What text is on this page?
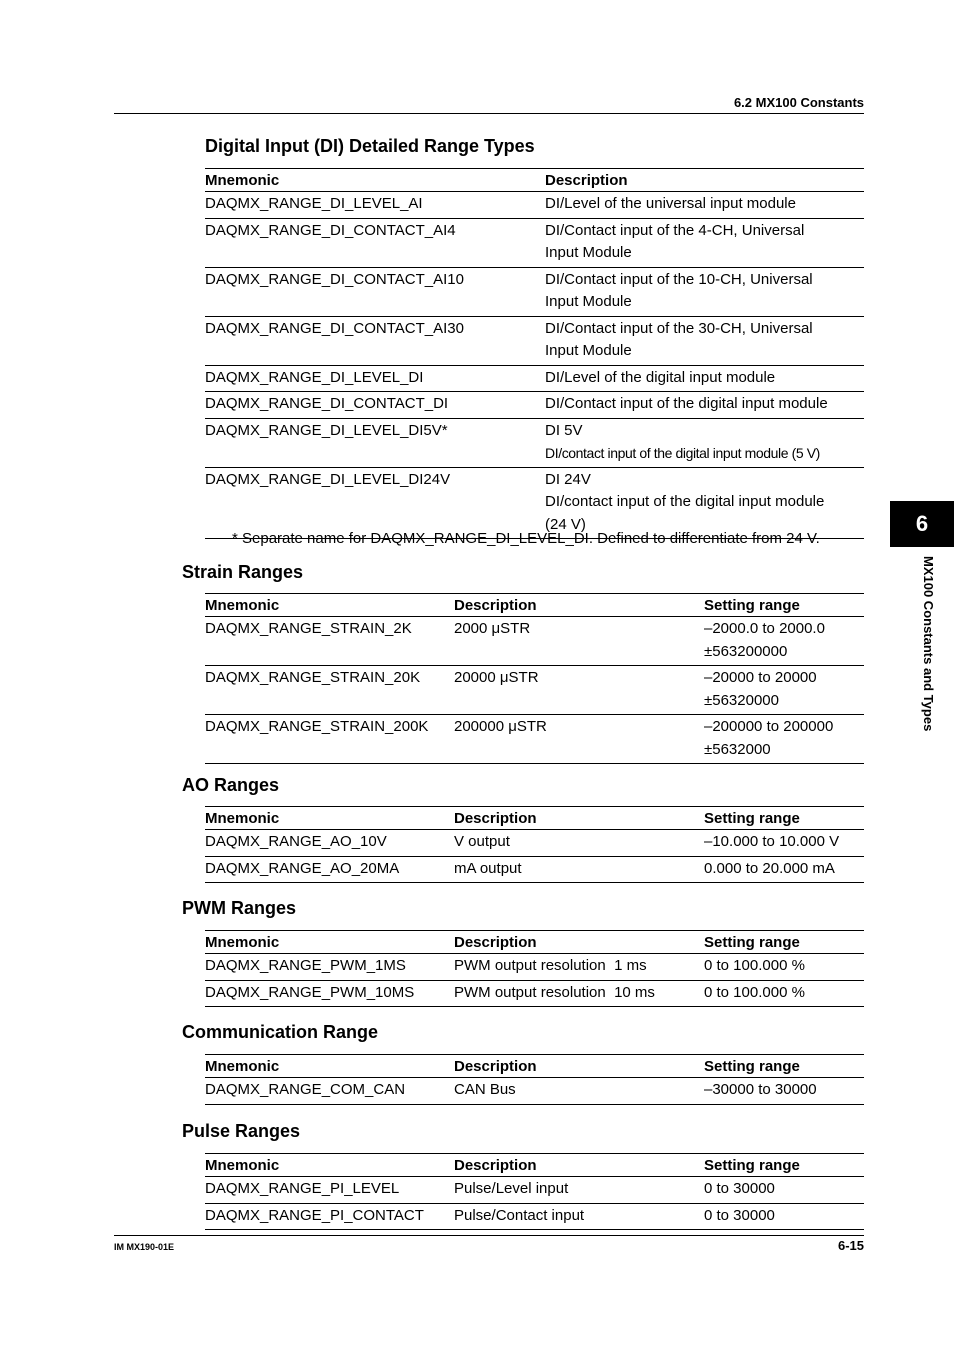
6.2 MX100 Constants
6
MX100 Constants and Types
Digital Input (DI) Detailed Range Types
Mnemonic	Description
DAQMX_RANGE_DI_LEVEL_AI	DI/Level of the universal input module
DAQMX_RANGE_DI_CONTACT_AI4	DI/Contact input of the 4-CH, Universal
Input Module

DAQMX_RANGE_DI_CONTACT_AI10	DI/Contact input of the 10-CH, Universal
Input Module

DAQMX_RANGE_DI_CONTACT_AI30	DI/Contact input of the 30-CH, Universal
Input Module

DAQMX_RANGE_DI_LEVEL_DI	DI/Level of the digital input module
DAQMX_RANGE_DI_CONTACT_DI	DI/Contact input of the digital input module
DAQMX_RANGE_DI_LEVEL_DI5V*	DI 5V
DI/contact input of the digital input module (5 V)

DAQMX_RANGE_DI_LEVEL_DI24V	DI 24V
DI/contact input of the digital input module
(24 V)
* Separate name for DAQMX_RANGE_DI_LEVEL_DI. Defined to differentiate from 24 V.
Strain Ranges
Mnemonic	Description	Setting range
DAQMX_RANGE_STRAIN_2K	2000 μSTR	–2000.0 to 2000.0
±563200000

DAQMX_RANGE_STRAIN_20K	20000 μSTR	–20000 to 20000
±56320000

DAQMX_RANGE_STRAIN_200K	200000 μSTR	–200000 to 200000
±5632000
AO Ranges
Mnemonic	Description	Setting range
DAQMX_RANGE_AO_10V	V output	–10.000 to 10.000 V
DAQMX_RANGE_AO_20MA	mA output	0.000 to 20.000 mA
PWM Ranges
Mnemonic	Description	Setting range
DAQMX_RANGE_PWM_1MS	PWM output resolution  1 ms	0 to 100.000 %
DAQMX_RANGE_PWM_10MS	PWM output resolution  10 ms	0 to 100.000 %
Communication Range
Mnemonic	Description	Setting range
DAQMX_RANGE_COM_CAN	CAN Bus	–30000 to 30000
Pulse Ranges
Mnemonic	Description	Setting range
DAQMX_RANGE_PI_LEVEL	Pulse/Level input	0 to 30000
DAQMX_RANGE_PI_CONTACT	Pulse/Contact input	0 to 30000
IM MX190-01E	6-15
